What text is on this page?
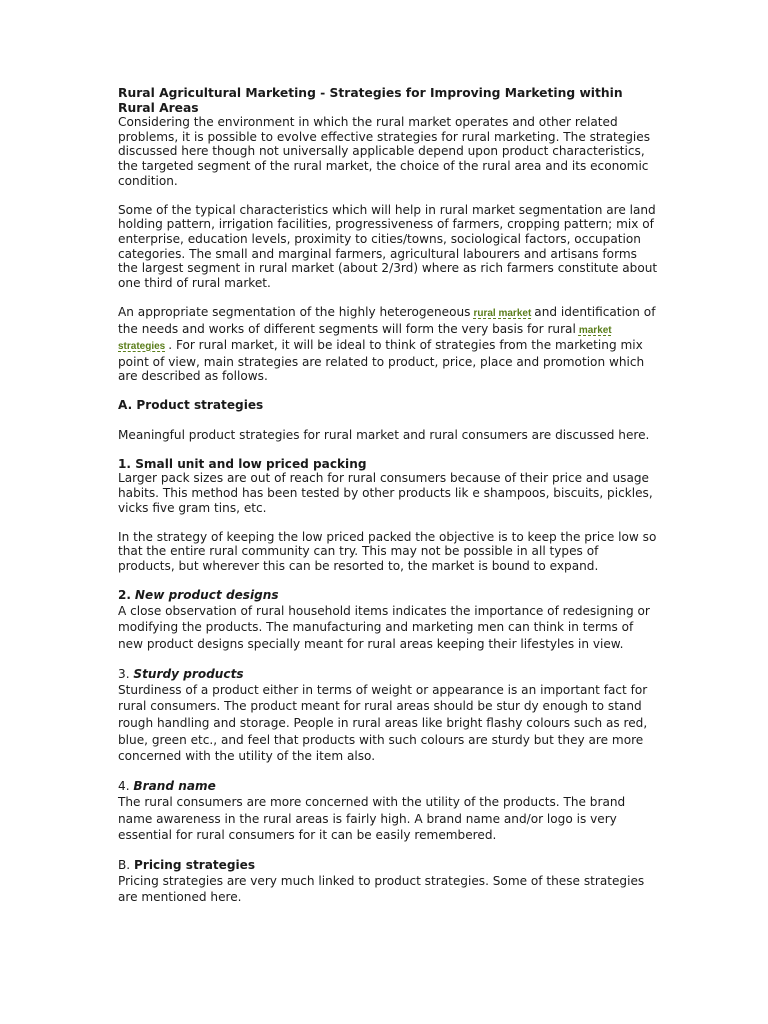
Rural Agricultural Marketing - Strategies for Improving Marketing within Rural Areas

Considering the environment in which the rural market operates and other related problems, it is possible to evolve effective strategies for rural marketing. The strategies discussed here though not universally applicable depend upon product characteristics, the targeted segment of the rural market, the choice of the rural area and its economic condition.

Some of the typical characteristics which will help in rural market segmentation are land holding pattern, irrigation facilities, progressiveness of farmers, cropping pattern; mix of enterprise, education levels, proximity to cities/towns, sociological factors, occupation categories. The small and marginal farmers, agricultural labourers and artisans forms the largest segment in rural market (about 2/3rd) where as rich farmers constitute about one third of rural market.

An appropriate segmentation of the highly heterogeneous rural market and identification of the needs and works of different segments will form the very basis for rural market strategies . For rural market, it will be ideal to think of strategies from the marketing mix point of view, main strategies are related to product, price, place and promotion which are described as follows.

A. Product strategies

Meaningful product strategies for rural market and rural consumers are discussed here.

1. Small unit and low priced packing

Larger pack sizes are out of reach for rural consumers because of their price and usage habits. This method has been tested by other products lik e shampoos, biscuits, pickles, vicks five gram tins, etc.

In the strategy of keeping the low priced packed the objective is to keep the price low so that the entire rural community can try. This may not be possible in all types of products, but wherever this can be resorted to, the market is bound to expand.

2. New product designs

A close observation of rural household items indicates the importance of redesigning or modifying the products. The manufacturing and marketing men can think in terms of new product designs specially meant for rural areas keeping their lifestyles in view.

3. Sturdy products

Sturdiness of a product either in terms of weight or appearance is an important fact for rural consumers. The product meant for rural areas should be stur dy enough to stand rough handling and storage. People in rural areas like bright flashy colours such as red, blue, green etc., and feel that products with such colours are sturdy but they are more concerned with the utility of the item also.

4. Brand name

The rural consumers are more concerned with the utility of the products. The brand name awareness in the rural areas is fairly high. A brand name and/or logo is very essential for rural consumers for it can be easily remembered.

B. Pricing strategies

Pricing strategies are very much linked to product strategies. Some of these strategies are mentioned here.
